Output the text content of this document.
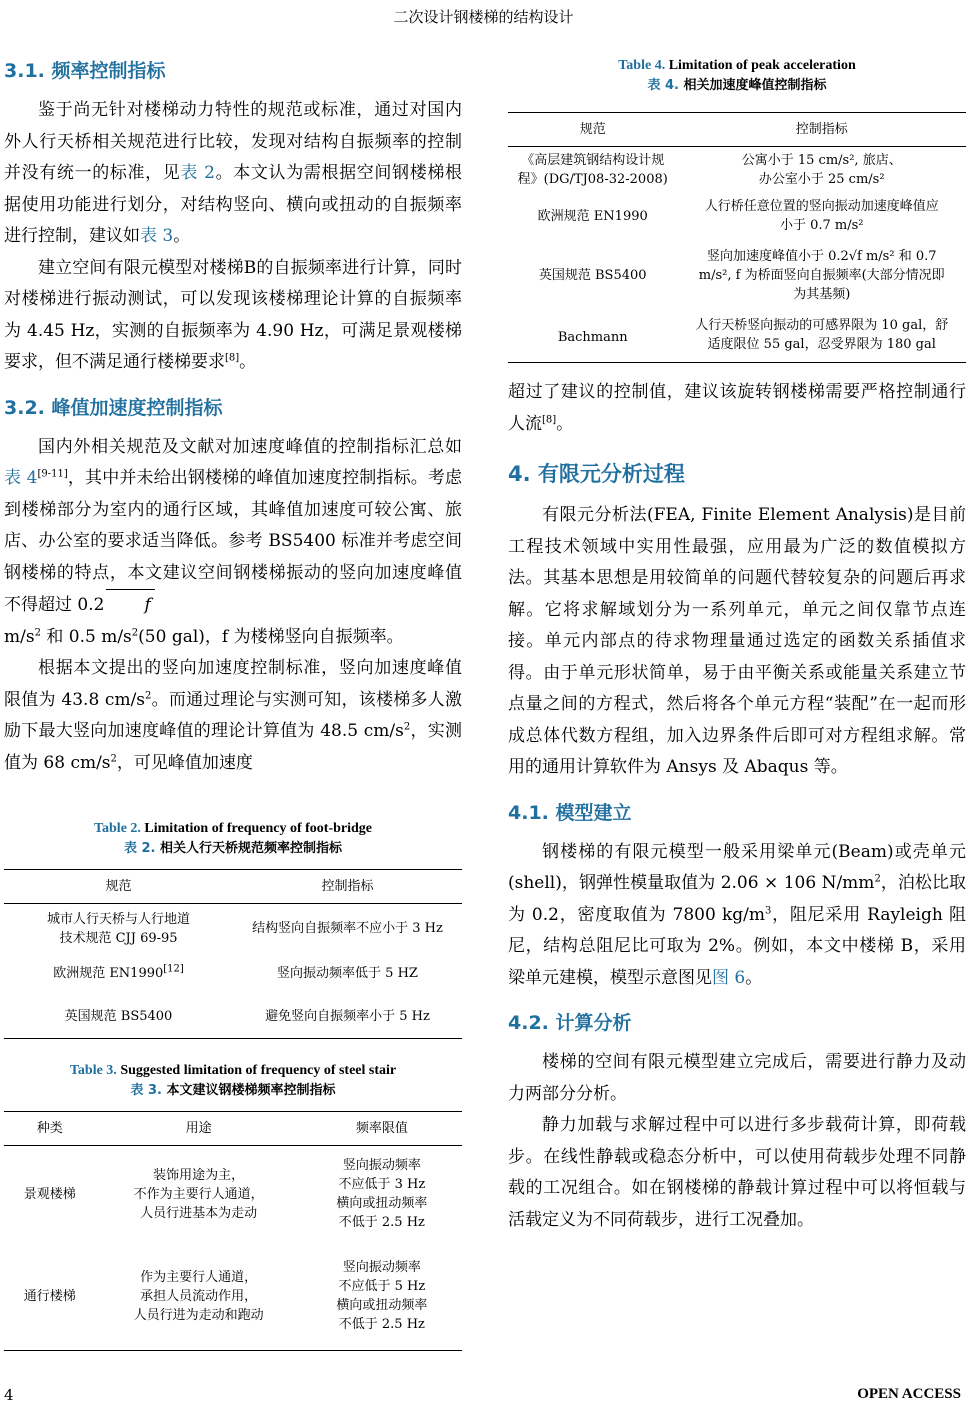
二次设计钢楼梯的结构设计
3.1. 频率控制指标

鉴于尚无针对楼梯动力特性的规范或标准，通过对国内外人行天桥相关规范进行比较，发现对结构自振频率的控制并没有统一的标准，见表 2。本文认为需根据空间钢楼梯根据使用功能进行划分，对结构竖向、横向或扭动的自振频率进行控制，建议如表 3。

建立空间有限元模型对楼梯B的自振频率进行计算，同时对楼梯进行振动测试，可以发现该楼梯理论计算的自振频率为 4.45 Hz，实测的自振频率为 4.90 Hz，可满足景观楼梯要求，但不满足通行楼梯要求[8]。

3.2. 峰值加速度控制指标

国内外相关规范及文献对加速度峰值的控制指标汇总如表 4[9-11]，其中并未给出钢楼梯的峰值加速度控制指标。考虑到楼梯部分为室内的通行区域，其峰值加速度可较公寓、旅店、办公室的要求适当降低。参考 BS5400 标准并考虑空间钢楼梯的特点，本文建议空间钢楼梯振动的竖向加速度峰值不得超过 0.2 f
$m/s^2$ 和 0.5 $m/s^2(50$ gal)，f 为楼梯竖向自振频率。

根据本文提出的竖向加速度控制标准，竖向加速度峰值限值为 43.8 $cm/s^2$。而通过理论与实测可知，该楼梯多人激励下最大竖向加速度峰值的理论计算值为 48.5 $cm/s^2$，实测值为 68 $cm/s^2$，可见峰值加速度

Table 2. Limitation of frequency of foot-bridge
表 2. 相关人行天桥规范频率控制指标
规范	控制指标
城市人行天桥与人行地道
技术规范 CJJ 69-95	结构竖向自振频率不应小于 3 Hz
欧洲规范 EN1990[12]	竖向振动频率低于 5 HZ
英国规范 BS5400	避免竖向自振频率小于 5 Hz
Table 3. Suggested limitation of frequency of steel stair
表 3. 本文建议钢楼梯频率控制指标
种类	用途	频率限值
景观楼梯	装饰用途为主，
不作为主要行人通道，
人员行进基本为走动	竖向振动频率
不应低于 3 Hz
横向或扭动频率
不低于 2.5 Hz
通行楼梯	作为主要行人通道，
承担人员流动作用，
人员行进为走动和跑动	竖向振动频率
不应低于 5 Hz
横向或扭动频率
不低于 2.5 Hz
Table 4. Limitation of peak acceleration
表 4. 相关加速度峰值控制指标
规范	控制指标
《高层建筑钢结构设计规
程》(DG/TJ08-32-2008)	公寓小于 15 cm/s², 旅店、
办公室小于 25 cm/s²
欧洲规范 EN1990	人行桥任意位置的竖向振动加速度峰值应
小于 0.7 m/s²
英国规范 BS5400	竖向加速度峰值小于 0.2√f m/s² 和 0.7
m/s², f 为桥面竖向自振频率(大部分情况即
为其基频)
Bachmann	人行天桥竖向振动的可感界限为 10 gal，舒
适度限位 55 gal，忍受界限为 180 gal

超过了建议的控制值，建议该旋转钢楼梯需要严格控制通行人流[8]。

4. 有限元分析过程

有限元分析法(FEA, Finite Element Analysis)是目前工程技术领域中实用性最强，应用最为广泛的数值模拟方法。其基本思想是用较简单的问题代替较复杂的问题后再求解。它将求解域划分为一系列单元，单元之间仅靠节点连接。单元内部点的待求物理量通过选定的函数关系插值求得。由于单元形状简单，易于由平衡关系或能量关系建立节点量之间的方程式，然后将各个单元方程“装配”在一起而形成总体代数方程组，加入边界条件后即可对方程组求解。常用的通用计算软件为 Ansys 及 Abaqus 等。

4.1. 模型建立

钢楼梯的有限元模型一般采用梁单元(Beam)或壳单元(shell)，钢弹性模量取值为 2.06 × 106 $N/mm^2$，泊松比取为 0.2，密度取值为 7800 $kg/m^3$，阻尼采用 Rayleigh 阻尼，结构总阻尼比可取为 2%。例如，本文中楼梯 B，采用梁单元建模，模型示意图见图 6。

4.2. 计算分析

楼梯的空间有限元模型建立完成后，需要进行静力及动力两部分分析。

静力加载与求解过程中可以进行多步载荷计算，即荷载步。在线性静载或稳态分析中，可以使用荷载步处理不同静载的工况组合。如在钢楼梯的静载计算过程中可以将恒载与活载定义为不同荷载步，进行工况叠加。

4	OPEN ACCESS
